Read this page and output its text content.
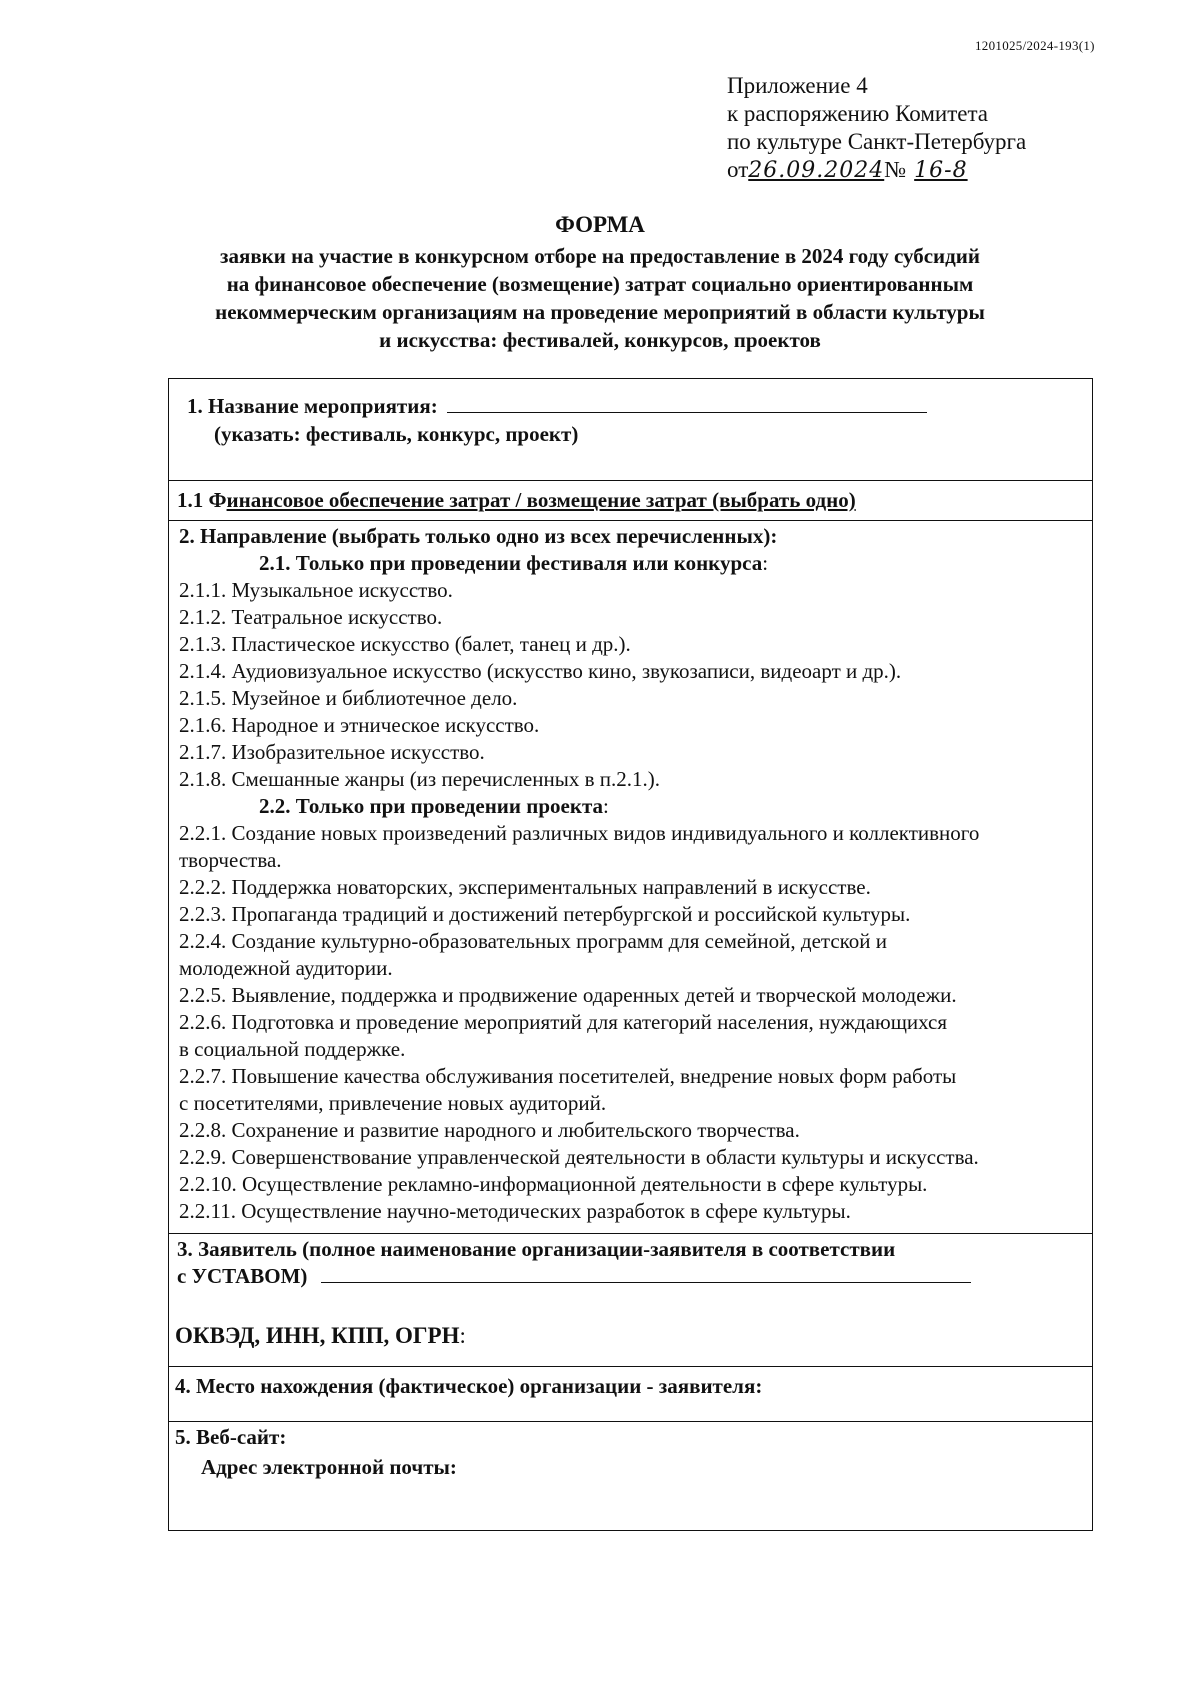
1201025/2024-193(1)
Приложение 4
к распоряжению Комитета
по культуре Санкт-Петербурга
от26.09.2024№ 16-8
ФОРМА
заявки на участие в конкурсном отборе на предоставление в 2024 году субсидий
на финансовое обеспечение (возмещение) затрат социально ориентированным
некоммерческим организациям на проведение мероприятий в области культуры
и искусства: фестивалей, конкурсов, проектов
1. Название мероприятия:
(указать: фестиваль, конкурс, проект)
1.1 Финансовое обеспечение затрат / возмещение затрат (выбрать одно)
2. Направление (выбрать только одно из всех перечисленных):
2.1. Только при проведении фестиваля или конкурса:
2.1.1. Музыкальное искусство.
2.1.2. Театральное искусство.
2.1.3. Пластическое искусство (балет, танец и др.).
2.1.4. Аудиовизуальное искусство (искусство кино, звукозаписи, видеоарт и др.).
2.1.5. Музейное и библиотечное дело.
2.1.6. Народное и этническое искусство.
2.1.7. Изобразительное искусство.
2.1.8. Смешанные жанры (из перечисленных в п.2.1.).
2.2. Только при проведении проекта:
2.2.1. Создание новых произведений различных видов индивидуального и коллективного
творчества.
2.2.2. Поддержка новаторских, экспериментальных направлений в искусстве.
2.2.3. Пропаганда традиций и достижений петербургской и российской культуры.
2.2.4. Создание культурно-образовательных программ для семейной, детской и
молодежной аудитории.
2.2.5. Выявление, поддержка и продвижение одаренных детей и творческой молодежи.
2.2.6. Подготовка и проведение мероприятий для категорий населения, нуждающихся
в социальной поддержке.
2.2.7. Повышение качества обслуживания посетителей, внедрение новых форм работы
с посетителями, привлечение новых аудиторий.
2.2.8. Сохранение и развитие народного и любительского творчества.
2.2.9. Совершенствование управленческой деятельности в области культуры и искусства.
2.2.10. Осуществление рекламно-информационной деятельности в сфере культуры.
2.2.11. Осуществление научно-методических разработок в сфере культуры.
3. Заявитель (полное наименование организации-заявителя в соответствии
с УСТАВОМ)
ОКВЭД, ИНН, КПП, ОГРН:
4. Место нахождения (фактическое) организации - заявителя:
5. Веб-сайт:
Адрес электронной почты:
